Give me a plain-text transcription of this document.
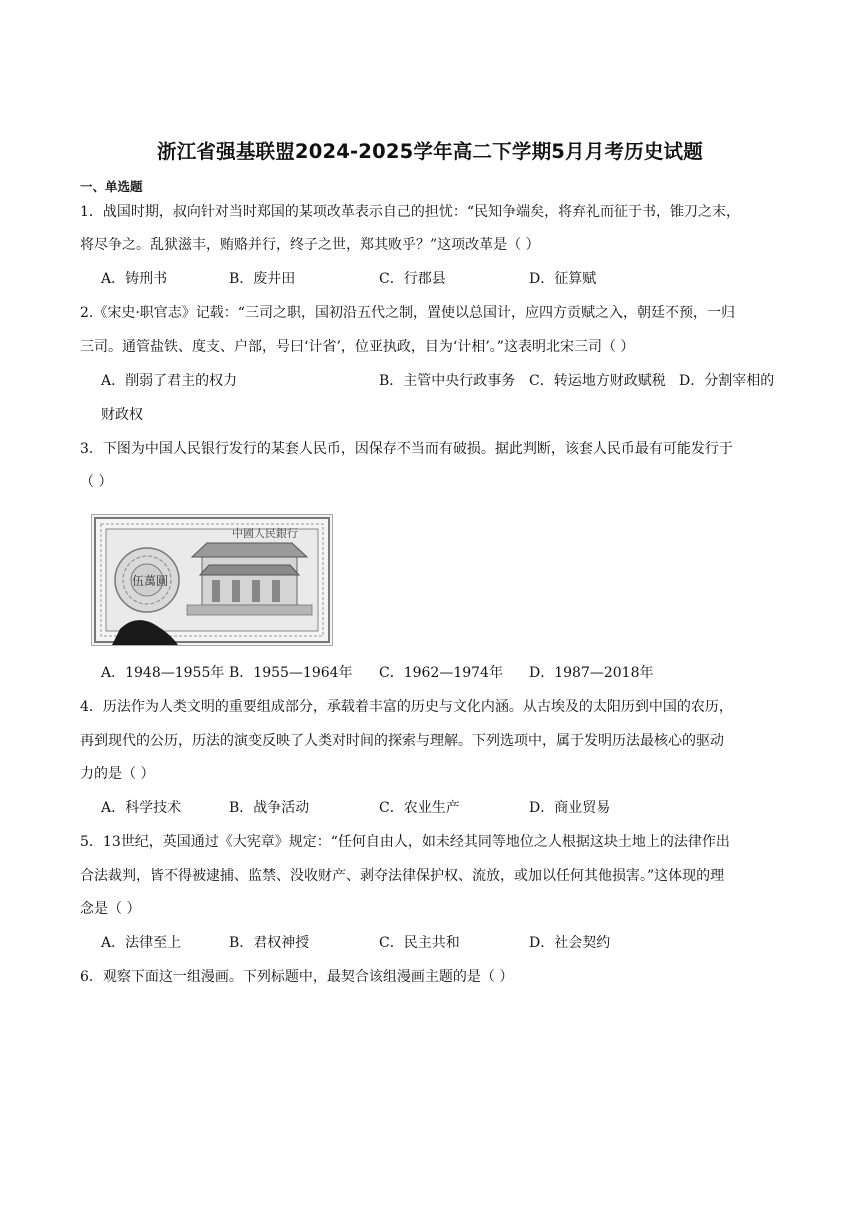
浙江省强基联盟2024-2025学年高二下学期5月月考历史试题
一、单选题
1．战国时期，叔向针对当时郑国的某项改革表示自己的担忧：“民知争端矣，将弃礼而征于书，锥刀之末，
将尽争之。乱狱滋丰，贿赂并行，终子之世，郑其败乎？”这项改革是（ ）
A．铸刑书	B．废井田	C．行郡县	D．征算赋
2.《宋史·职官志》记载：“三司之职，国初沿五代之制，置使以总国计，应四方贡赋之入，朝廷不预，一归
三司。通管盐铁、度支、户部，号曰‘计省’，位亚执政，目为‘计相’。”这表明北宋三司（ ）
A．削弱了君主的权力	B．主管中央行政事务 C．转运地方财政赋税 D．分割宰相的
财政权
3．下图为中国人民银行发行的某套人民币，因保存不当而有破损。据此判断，该套人民币最有可能发行于
（ ）
中國人民銀行
伍萬圓
A．1948—1955年 B．1955—1964年 C．1962—1974年 D．1987—2018年
4．历法作为人类文明的重要组成部分，承载着丰富的历史与文化内涵。从古埃及的太阳历到中国的农历，
再到现代的公历，历法的演变反映了人类对时间的探索与理解。下列选项中，属于发明历法最核心的驱动
力的是（ ）
A．科学技术	B．战争活动	C．农业生产	D．商业贸易
5．13世纪，英国通过《大宪章》规定：“任何自由人，如未经其同等地位之人根据这块土地上的法律作出
合法裁判，皆不得被逮捕、监禁、没收财产、剥夺法律保护权、流放，或加以任何其他损害。”这体现的理
念是（ ）
A．法律至上	B．君权神授	C．民主共和	D．社会契约
6．观察下面这一组漫画。下列标题中，最契合该组漫画主题的是（ ）
